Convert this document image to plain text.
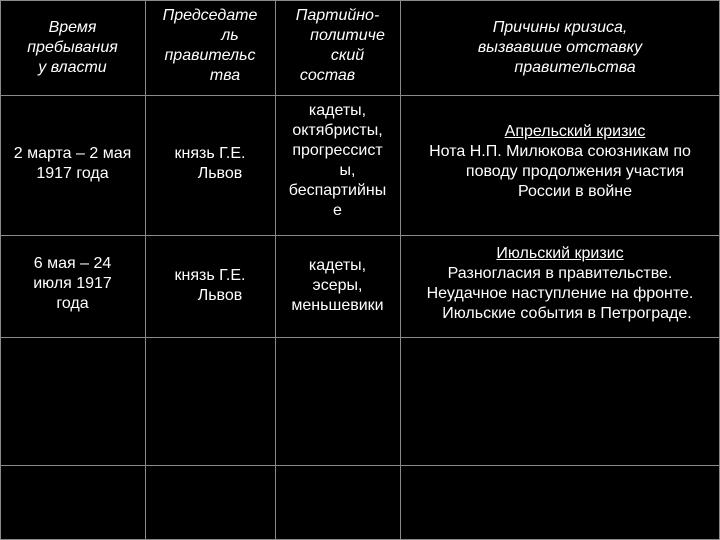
Время
пребывания
у власти
Председате
ль
правительс
тва
Партийно-
политиче
ский
состав
Причины кризиса,
вызвавшие отставку
правительства
2 марта – 2 мая
1917 года
князь Г.Е.
Львов
кадеты,
октябристы,
прогрессист
ы,
беспартийны
е
Апрельский кризис
Нота Н.П. Милюкова союзникам по
поводу продолжения участия
России в войне
6 мая – 24
июля 1917
года
князь Г.Е.
Львов
кадеты,
эсеры,
меньшевики
Июльский кризис
Разногласия в правительстве.
Неудачное наступление на фронте.
Июльские события в Петрограде.
